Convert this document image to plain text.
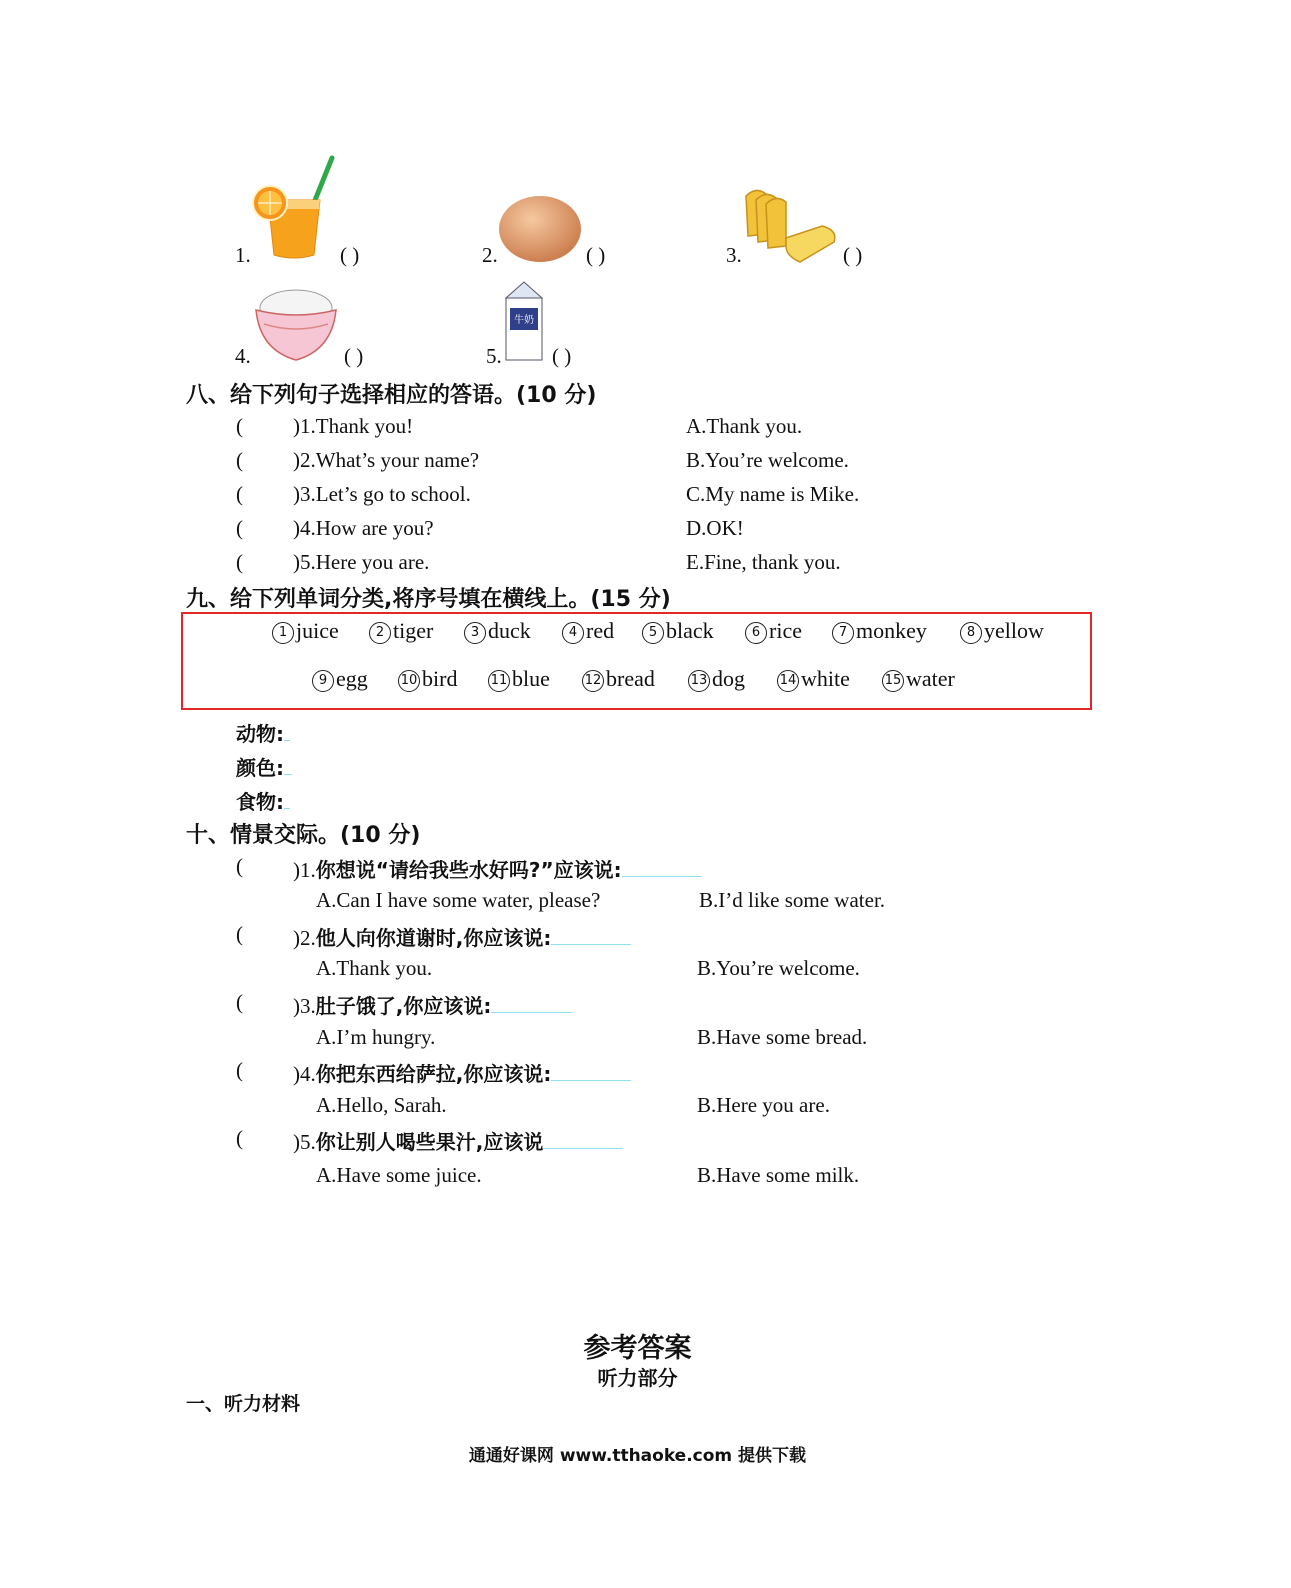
1.	( )	2.	( )	3.	( )
4.	( )	5.
牛奶
( )
八、给下列句子选择相应的答语。(10 分)
( )1.Thank you!	A.Thank you.
( )2.What’s your name?	B.You’re welcome.
( )3.Let’s go to school.	C.My name is Mike.
( )4.How are you?	D.OK!
( )5.Here you are.	E.Fine, thank you.
九、给下列单词分类,将序号填在横线上。(15 分)
1 juice	2 tiger	3 duck	4 red	5 black	6 rice	7 monkey	8 yellow
9 egg	10 bird	11 blue	12 bread	13 dog	14 white	15 water
动物:
颜色:
食物:
十、情景交际。(10 分)
( )1.你想说“请给我些水好吗?”应该说:
A.Can I have some water, please?	B.I’d like some water.
( )2.他人向你道谢时,你应该说:
A.Thank you.	B.You’re welcome.
( )3.肚子饿了,你应该说:
A.I’m hungry.	B.Have some bread.
( )4.你把东西给萨拉,你应该说:
A.Hello, Sarah.	B.Here you are.
( )5.你让别人喝些果汁,应该说
A.Have some juice.	B.Have some milk.
参考答案
听力部分
一、听力材料
通通好课网 www.tthaoke.com 提供下载
